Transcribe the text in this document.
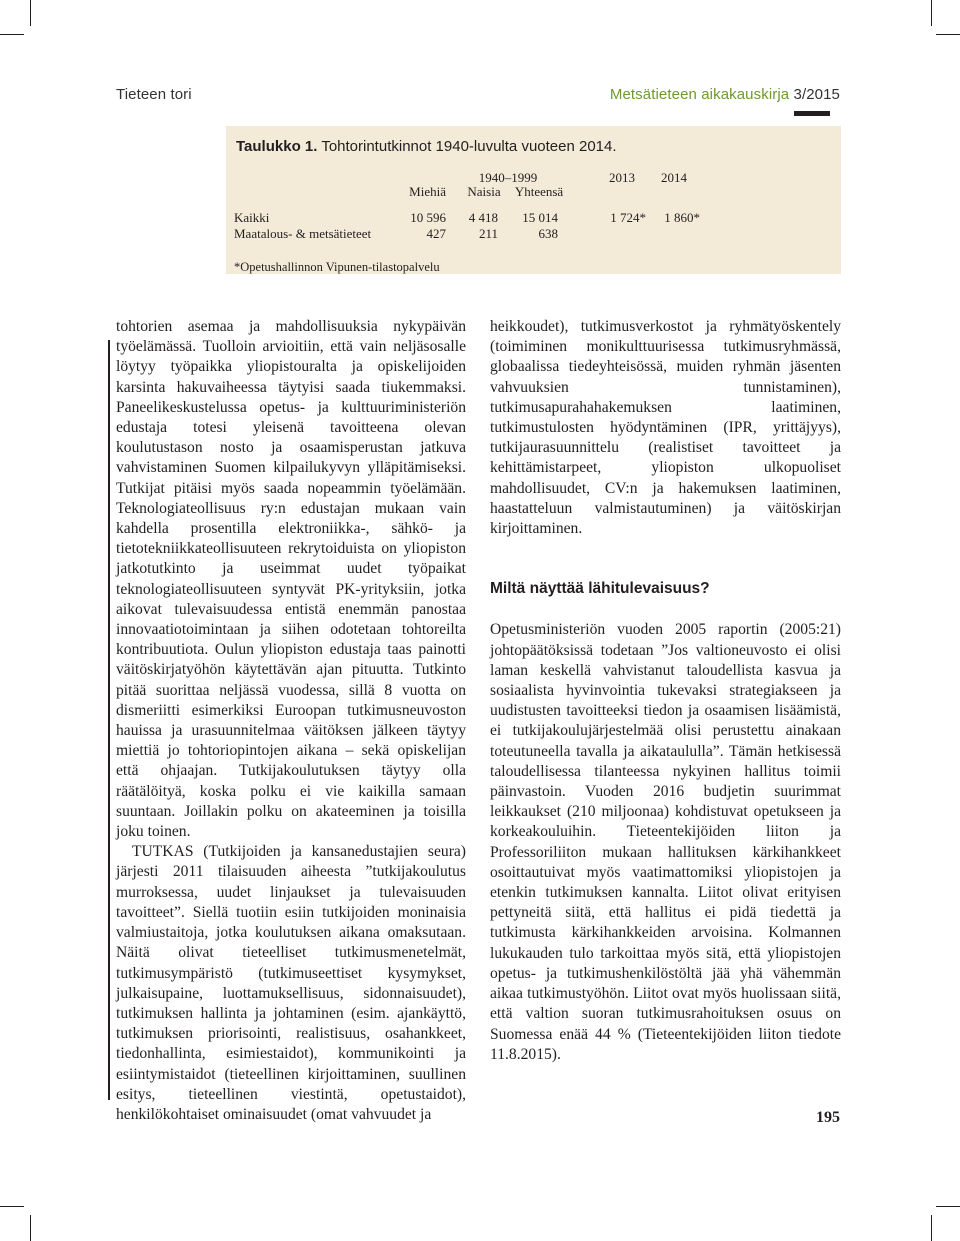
Tieteen tori	Metsätieteen aikakauskirja 3/2015
Taulukko 1. Tohtorintutkinnot 1940-luvulta vuoteen 2014.
1940–1999	2013	2014
Miehiä	Naisia	Yhteensä
Kaikki	10 596	4 418	15 014	1 724*	1 860*
Maatalous- & metsätieteet	427	211	638
*Opetushallinnon Vipunen-tilastopalvelu

tohtorien asemaa ja mahdollisuuksia nykypäivän työelämässä. Tuolloin arvioitiin, että vain neljäsosalle löytyy työpaikka yliopistouralta ja opiskelijoiden karsinta hakuvaiheessa täytyisi saada tiukemmaksi. Paneelikeskustelussa opetus- ja kulttuuriministeriön edustaja totesi yleisenä tavoitteena olevan koulutustason nosto ja osaamisperustan jatkuva vahvistaminen Suomen kilpailukyvyn ylläpitämiseksi. Tutkijat pitäisi myös saada nopeammin työelämään. Teknologiateollisuus ry:n edustajan mukaan vain kahdella prosentilla elektroniikka-, sähkö- ja tietotekniikkateollisuuteen rekrytoiduista on yliopiston jatkotutkinto ja useimmat uudet työpaikat teknologiateollisuuteen syntyvät PK-yrityksiin, jotka aikovat tulevaisuudessa entistä enemmän panostaa innovaatiotoimintaan ja siihen odotetaan tohtoreilta kontribuutiota. Oulun yliopiston edustaja taas painotti väitöskirjatyöhön käytettävän ajan pituutta. Tutkinto pitää suorittaa neljässä vuodessa, sillä 8 vuotta on dismeriitti esimerkiksi Euroopan tutkimusneuvoston hauissa ja urasuunnitelmaa väitöksen jälkeen täytyy miettiä jo tohtoriopintojen aikana – sekä opiskelijan että ohjaajan. Tutkijakoulutuksen täytyy olla räätälöityä, koska polku ei vie kaikilla samaan suuntaan. Joillakin polku on akateeminen ja toisilla joku toinen.

TUTKAS (Tutkijoiden ja kansanedustajien seura) järjesti 2011 tilaisuuden aiheesta ”tutkijakoulutus murroksessa, uudet linjaukset ja tulevaisuuden tavoitteet”. Siellä tuotiin esiin tutkijoiden moninaisia valmiustaitoja, jotka koulutuksen aikana omaksutaan. Näitä olivat tieteelliset tutkimusmenetelmät, tutkimusympäristö (tutkimuseettiset kysymykset, julkaisupaine, luottamuksellisuus, sidonnaisuudet), tutkimuksen hallinta ja johtaminen (esim. ajankäyttö, tutkimuksen priorisointi, realistisuus, osahankkeet, tiedonhallinta, esimiestaidot), kommunikointi ja esiintymistaidot (tieteellinen kirjoittaminen, suullinen esitys, tieteellinen viestintä, opetustaidot), henkilökohtaiset ominaisuudet (omat vahvuudet ja

heikkoudet), tutkimusverkostot ja ryhmätyöskentely (toimiminen monikulttuurisessa tutkimusryhmässä, globaalissa tiedeyhteisössä, muiden ryhmän jäsenten vahvuuksien tunnistaminen), tutkimusapurahahakemuksen laatiminen, tutkimustulosten hyödyntäminen (IPR, yrittäjyys), tutkijaurasuunnittelu (realistiset tavoitteet ja kehittämistarpeet, yliopiston ulkopuoliset mahdollisuudet, CV:n ja hakemuksen laatiminen, haastatteluun valmistautuminen) ja väitöskirjan kirjoittaminen.

Miltä näyttää lähitulevaisuus?

Opetusministeriön vuoden 2005 raportin (2005:21) johtopäätöksissä todetaan ”Jos valtioneuvosto ei olisi laman keskellä vahvistanut taloudellista kasvua ja sosiaalista hyvinvointia tukevaksi strategiakseen ja uudistusten tavoitteeksi tiedon ja osaamisen lisäämistä, ei tutkijakoulujärjestelmää olisi perustettu ainakaan toteutuneella tavalla ja aikataululla”. Tämän hetkisessä taloudellisessa tilanteessa nykyinen hallitus toimii päinvastoin. Vuoden 2016 budjetin suurimmat leikkaukset (210 miljoonaa) kohdistuvat opetukseen ja korkeakouluihin. Tieteentekijöiden liiton ja Professoriliiton mukaan hallituksen kärkihankkeet osoittautuivat myös vaatimattomiksi yliopistojen ja etenkin tutkimuksen kannalta. Liitot olivat erityisen pettyneitä siitä, että hallitus ei pidä tiedettä ja tutkimusta kärkihankkeiden arvoisina. Kolmannen lukukauden tulo tarkoittaa myös sitä, että yliopistojen opetus- ja tutkimushenkilöstöltä jää yhä vähemmän aikaa tutkimustyöhön. Liitot ovat myös huolissaan siitä, että valtion suoran tutkimusrahoituksen osuus on Suomessa enää 44 % (Tieteentekijöiden liiton tiedote 11.8.2015).

195
